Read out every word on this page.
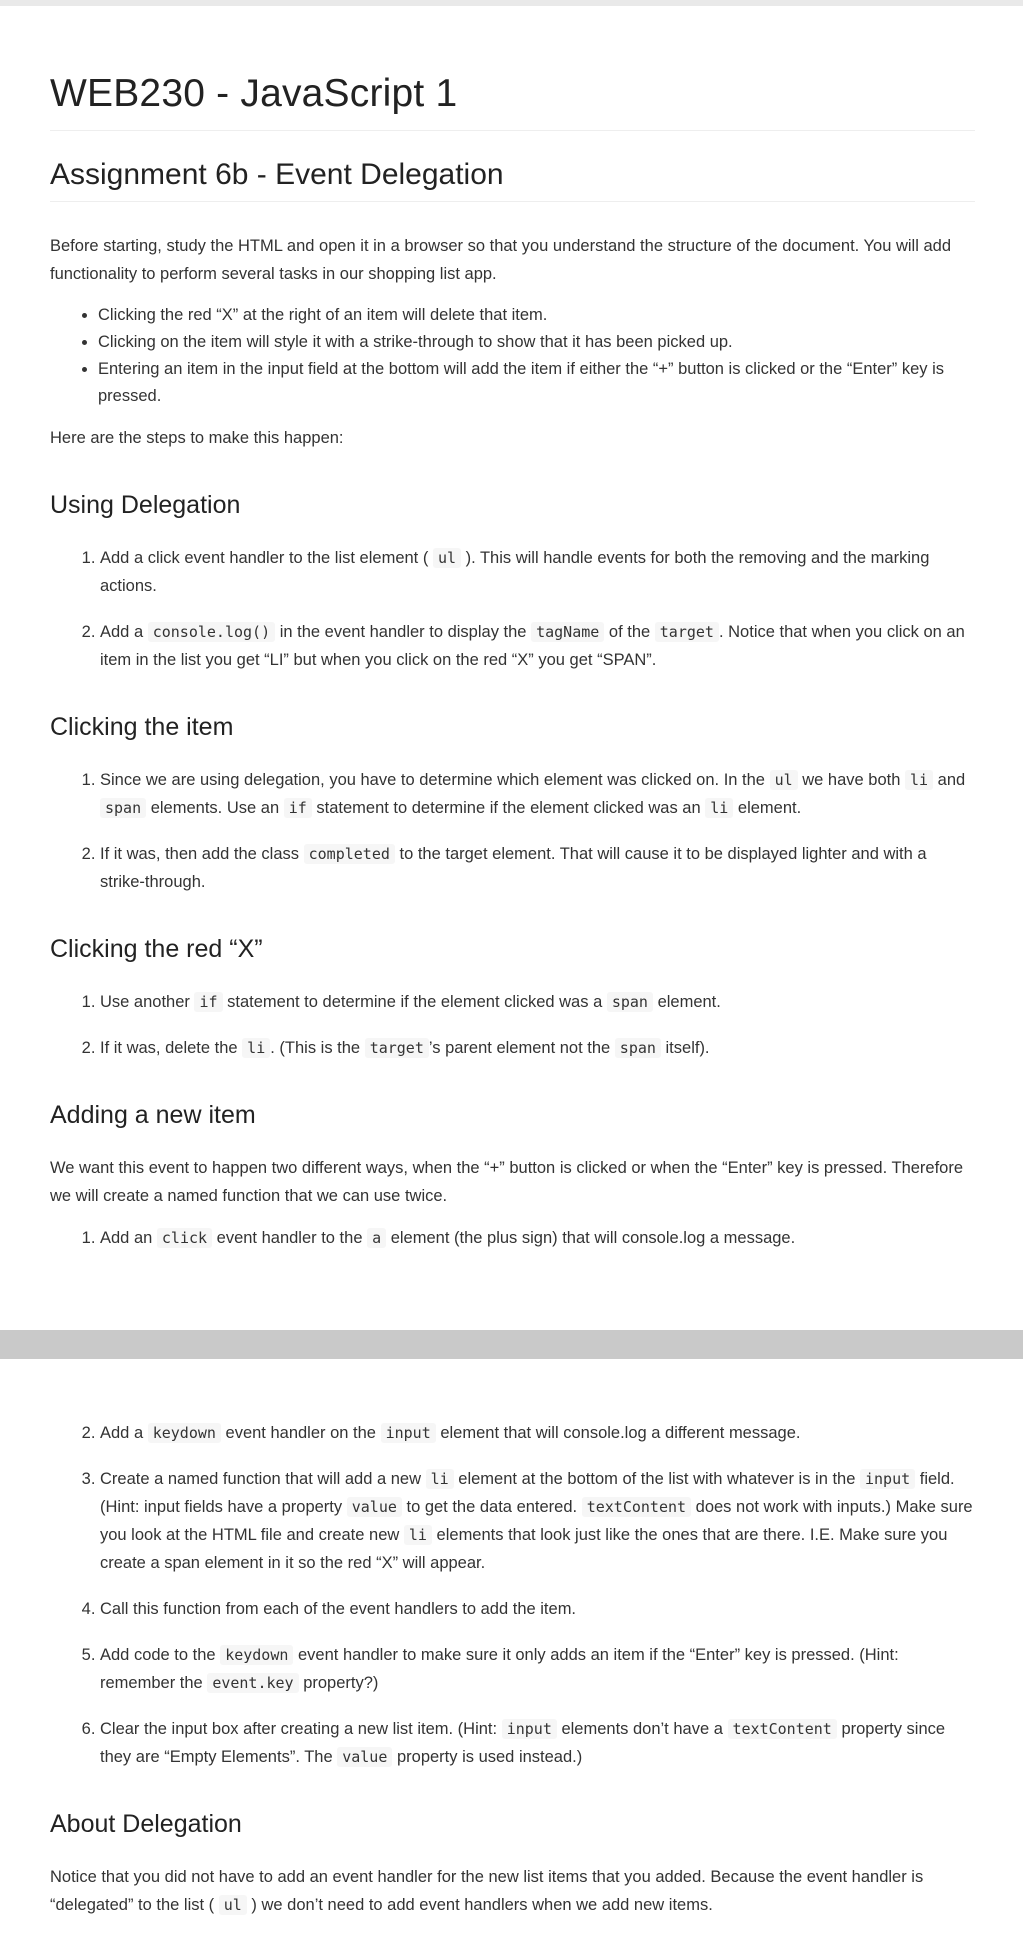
WEB230 - JavaScript 1
Assignment 6b - Event Delegation

Before starting, study the HTML and open it in a browser so that you understand the structure of the document. You will add functionality to perform several tasks in our shopping list app.

• Clicking the red “X” at the right of an item will delete that item.
• Clicking on the item will style it with a strike-through to show that it has been picked up.
• Entering an item in the input field at the bottom will add the item if either the “+” button is clicked or the “Enter” key is pressed.

Here are the steps to make this happen:

Using Delegation
1. Add a click event handler to the list element ( ul ). This will handle events for both the removing and the marking actions.
2. Add a console.log() in the event handler to display the tagName of the target . Notice that when you click on an item in the list you get “LI” but when you click on the red “X” you get “SPAN”.
Clicking the item
1. Since we are using delegation, you have to determine which element was clicked on. In the ul we have both li and span elements. Use an if statement to determine if the element clicked was an li element.
2. If it was, then add the class completed to the target element. That will cause it to be displayed lighter and with a strike-through.
Clicking the red “X”
1. Use another if statement to determine if the element clicked was a span element.
2. If it was, delete the li . (This is the target ’s parent element not the span itself).
Adding a new item

We want this event to happen two different ways, when the “+” button is clicked or when the “Enter” key is pressed. Therefore we will create a named function that we can use twice.

1. Add an click event handler to the a element (the plus sign) that will console.log a message.
2. Add a keydown event handler on the input element that will console.log a different message.
3. Create a named function that will add a new li element at the bottom of the list with whatever is in the input field. (Hint: input fields have a property value to get the data entered. textContent does not work with inputs.) Make sure you look at the HTML file and create new li elements that look just like the ones that are there. I.E. Make sure you create a span element in it so the red “X” will appear.
4. Call this function from each of the event handlers to add the item.
5. Add code to the keydown event handler to make sure it only adds an item if the “Enter” key is pressed. (Hint: remember the event.key property?)
6. Clear the input box after creating a new list item. (Hint: input elements don’t have a textContent property since they are “Empty Elements”. The value property is used instead.)
About Delegation

Notice that you did not have to add an event handler for the new list items that you added. Because the event handler is “delegated” to the list ( ul ) we don’t need to add event handlers when we add new items.
